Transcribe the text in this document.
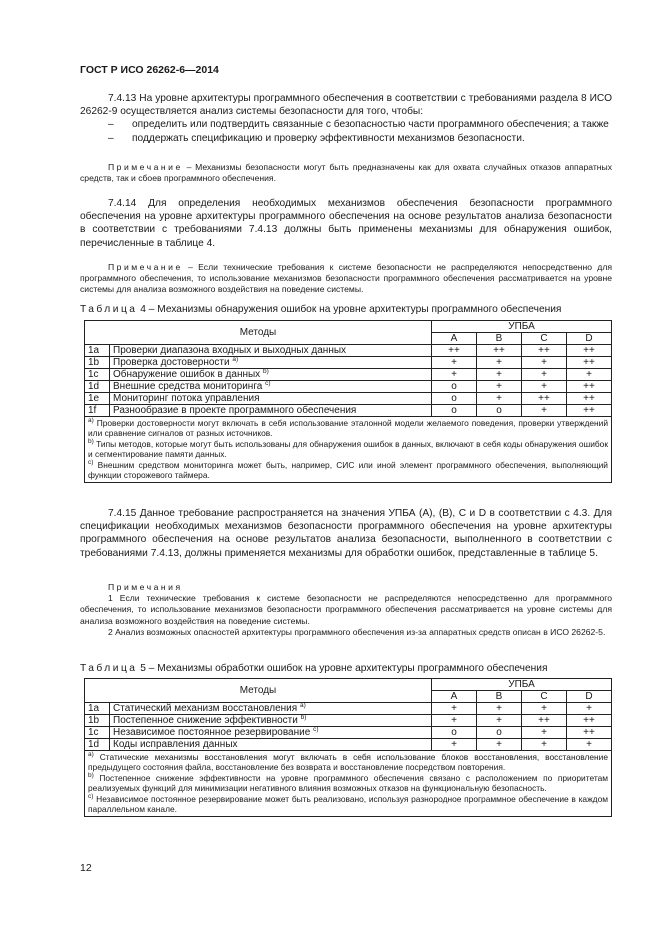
ГОСТ Р ИСО 26262-6—2014
7.4.13 На уровне архитектуры программного обеспечения в соответствии с требованиями раздела 8 ИСО 26262-9 осуществляется анализ системы безопасности для того, чтобы:
–	определить или подтвердить связанные с безопасностью части программного обеспечения; а также
–	поддержать спецификацию и проверку эффективности механизмов безопасности.
Примечание – Механизмы безопасности могут быть предназначены как для охвата случайных отказов аппаратных средств, так и сбоев программного обеспечения.
7.4.14 Для определения необходимых механизмов обеспечения безопасности программного обеспечения на уровне архитектуры программного обеспечения на основе результатов анализа безопасности в соответствии с требованиями 7.4.13 должны быть применены механизмы для обнаружения ошибок, перечисленные в таблице 4.
Примечание – Если технические требования к системе безопасности не распределяются непосредственно для программного обеспечения, то использование механизмов безопасности программного обеспечения рассматривается на уровне системы для анализа возможного воздействия на поведение системы.
Таблица 4 – Механизмы обнаружения ошибок на уровне архитектуры программного обеспечения
Методы		УПБА			
		A	B	C	D
1a	Проверки диапазона входных и выходных данных	++	++	++	++
1b	Проверка достоверности $^{a)}$	+	+	+	++
1c	Обнаружение ошибок в данных $^{b)}$	+	+	+	+
1d	Внешние средства мониторинга $^{c)}$	o	+	+	++
1e	Мониторинг потока управления	o	+	++	++
1f	Разнообразие в проекте программного обеспечения	o	o	+	++

$^{a)}$ Проверки достоверности могут включать в себя использование эталонной модели желаемого поведения, проверки утверждений или сравнение сигналов от разных источников.
$^{b)}$ Типы методов, которые могут быть использованы для обнаружения ошибок в данных, включают в себя коды обнаружения ошибок и сегментирование памяти данных.
$^{c)}$ Внешним средством мониторинга может быть, например, СИС или иной элемент программного обеспечения, выполняющий функции сторожевого таймера.					
7.4.15 Данное требование распространяется на значения УПБА (A), (B), C и D в соответствии с 4.3. Для спецификации необходимых механизмов безопасности программного обеспечения на уровне архитектуры программного обеспечения на основе результатов анализа безопасности, выполненного в соответствии с требованиями 7.4.13, должны применяется механизмы для обработки ошибок, представленные в таблице 5.
Примечания
1 Если технические требования к системе безопасности не распределяются непосредственно для программного обеспечения, то использование механизмов безопасности программного обеспечения рассматривается на уровне системы для анализа возможного воздействия на поведение системы.
2 Анализ возможных опасностей архитектуры программного обеспечения из-за аппаратных средств описан в ИСО 26262-5.
Таблица 5 – Механизмы обработки ошибок на уровне архитектуры программного обеспечения
Методы		УПБА			
		A	B	C	D
1a	Статический механизм восстановления $^{a)}$	+	+	+	+
1b	Постепенное снижение эффективности $^{b)}$	+	+	++	++
1c	Независимое постоянное резервирование $^{c)}$	o	o	+	++
1d	Коды исправления данных	+	+	+	+

$^{a)}$ Статические механизмы восстановления могут включать в себя использование блоков восстановления, восстановление предыдущего состояния файла, восстановление без возврата и восстановление посредством повторения.
$^{b)}$ Постепенное снижение эффективности на уровне программного обеспечения связано с расположением по приоритетам реализуемых функций для минимизации негативного влияния возможных отказов на функциональную безопасность.
$^{c)}$ Независимое постоянное резервирование может быть реализовано, используя разнородное программное обеспечение в каждом параллельном канале.					
12
